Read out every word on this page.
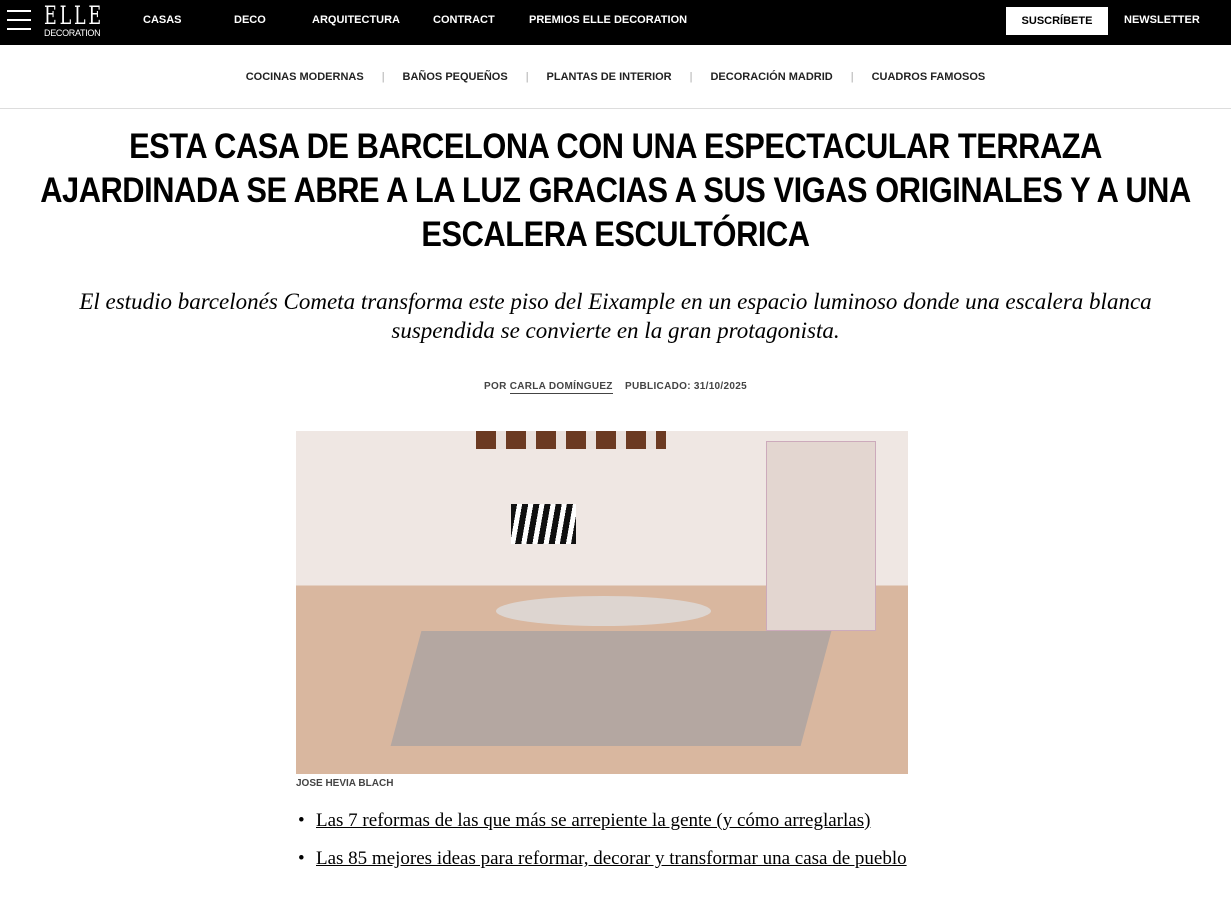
ELLE
DECORATION
CASAS	DECO	ARQUITECTURA	CONTRACT	PREMIOS ELLE DECORATION	SUSCRÍBETE	NEWSLETTER
COCINAS MODERNAS | BAÑOS PEQUEÑOS | PLANTAS DE INTERIOR | DECORACIÓN MADRID | CUADROS FAMOSOS
ESTA CASA DE BARCELONA CON UNA ESPECTACULAR TERRAZA AJARDINADA SE ABRE A LA LUZ GRACIAS A SUS VIGAS ORIGINALES Y A UNA ESCALERA ESCULTÓRICA

El estudio barcelonés Cometa transforma este piso del Eixample en un espacio luminoso donde una escalera blanca suspendida se convierte en la gran protagonista.

POR CARLA DOMÍNGUEZ PUBLICADO: 31/10/2025
JOSE HEVIA BLACH
• Las 7 reformas de las que más se arrepiente la gente (y cómo arreglarlas)
• Las 85 mejores ideas para reformar, decorar y transformar una casa de pueblo
